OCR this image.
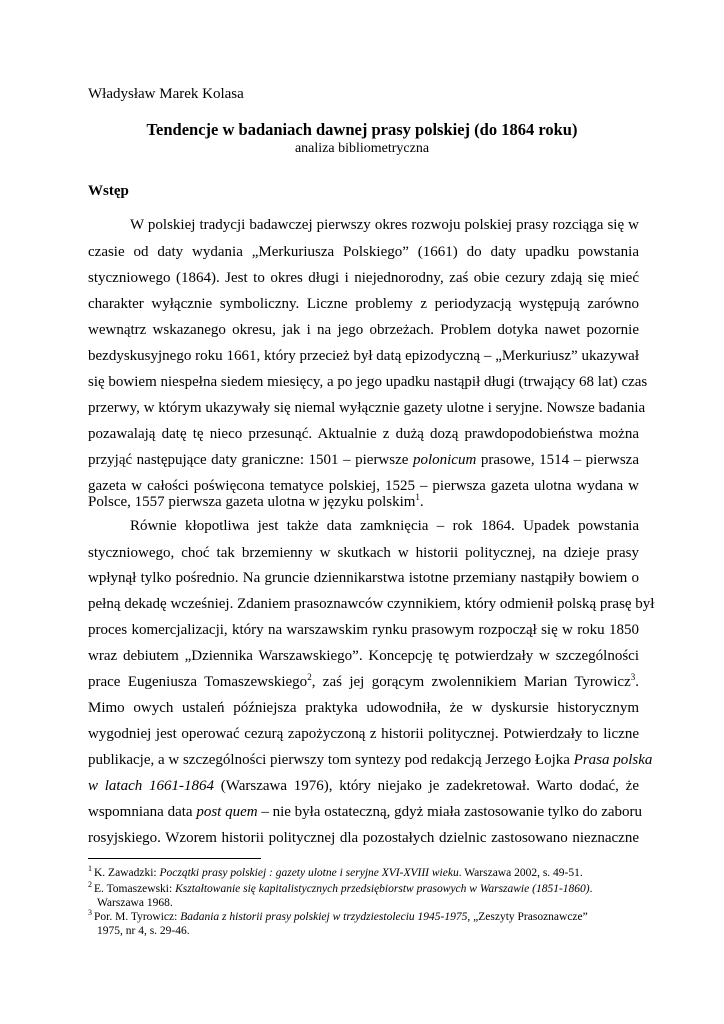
Władysław Marek Kolasa
Tendencje w badaniach dawnej prasy polskiej (do 1864 roku)
analiza bibliometryczna
Wstęp
W polskiej tradycji badawczej pierwszy okres rozwoju polskiej prasy rozciąga się w
czasie od daty wydania „Merkuriusza Polskiego” (1661) do daty upadku powstania
styczniowego (1864). Jest to okres długi i niejednorodny, zaś obie cezury zdają się mieć
charakter wyłącznie symboliczny. Liczne problemy z periodyzacją występują zarówno
wewnątrz wskazanego okresu, jak i na jego obrzeżach. Problem dotyka nawet pozornie
bezdyskusyjnego roku 1661, który przecież był datą epizodyczną – „Merkuriusz” ukazywał
się bowiem niespełna siedem miesięcy, a po jego upadku nastąpił długi (trwający 68 lat) czas
przerwy, w którym ukazywały się niemal wyłącznie gazety ulotne i seryjne. Nowsze badania
pozawalają datę tę nieco przesunąć. Aktualnie z dużą dozą prawdopodobieństwa można
przyjąć następujące daty graniczne: 1501 – pierwsze polonicum prasowe, 1514 – pierwsza
gazeta w całości poświęcona tematyce polskiej, 1525 – pierwsza gazeta ulotna wydana w
Polsce, 1557 pierwsza gazeta ulotna w języku polskim$^1$.
Równie kłopotliwa jest także data zamknięcia – rok 1864. Upadek powstania
styczniowego, choć tak brzemienny w skutkach w historii politycznej, na dzieje prasy
wpłynął tylko pośrednio. Na gruncie dziennikarstwa istotne przemiany nastąpiły bowiem o
pełną dekadę wcześniej. Zdaniem prasoznawców czynnikiem, który odmienił polską prasę był
proces komercjalizacji, który na warszawskim rynku prasowym rozpoczął się w roku 1850
wraz debiutem „Dziennika Warszawskiego”. Koncepcję tę potwierdzały w szczególności
prace Eugeniusza Tomaszewskiego$^2$, zaś jej gorącym zwolennikiem Marian Tyrowicz$^3$.
Mimo owych ustaleń późniejsza praktyka udowodniła, że w dyskursie historycznym
wygodniej jest operować cezurą zapożyczoną z historii politycznej. Potwierdzały to liczne
publikacje, a w szczególności pierwszy tom syntezy pod redakcją Jerzego Łojka Prasa polska
w latach 1661-1864 (Warszawa 1976), który niejako je zadekretował. Warto dodać, że
wspomniana data post quem – nie była ostateczną, gdyż miała zastosowanie tylko do zaboru
rosyjskiego. Wzorem historii politycznej dla pozostałych dzielnic zastosowano nieznaczne
$^1$ K. Zawadzki: Początki prasy polskiej : gazety ulotne i seryjne XVI-XVIII wieku. Warszawa 2002, s. 49-51.
$^2$ E. Tomaszewski: Kształtowanie się kapitalistycznych przedsiębiorstw prasowych w Warszawie (1851-1860).
Warszawa 1968.
$^3$ Por. M. Tyrowicz: Badania z historii prasy polskiej w trzydziestoleciu 1945-1975, „Zeszyty Prasoznawcze”
1975, nr 4, s. 29-46.
